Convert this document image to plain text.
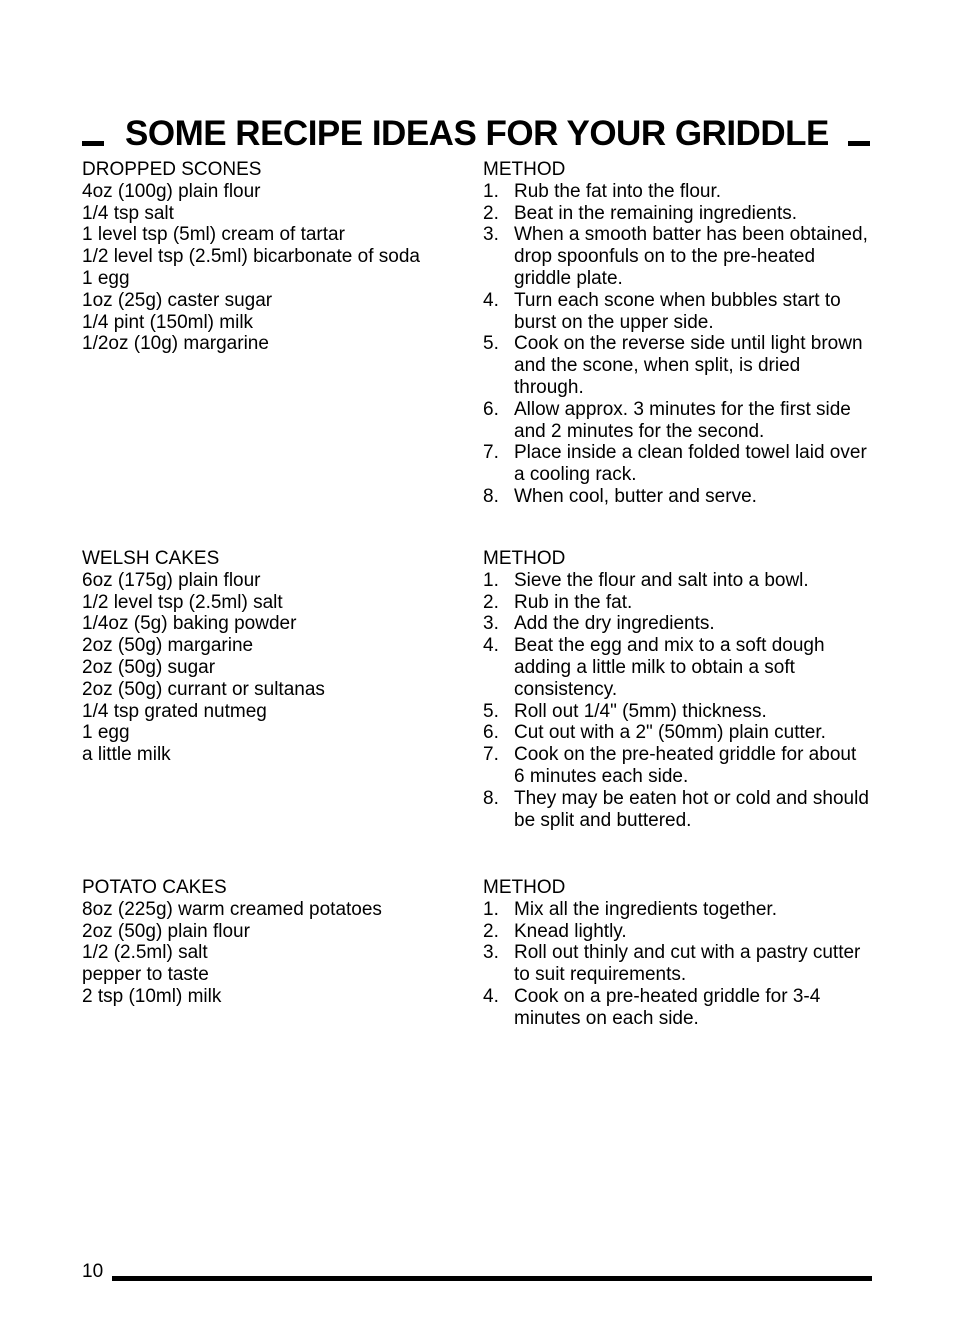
SOME RECIPE IDEAS FOR YOUR GRIDDLE
DROPPED SCONES
4oz (100g) plain flour
1/4 tsp salt
1 level tsp (5ml) cream of tartar
1/2 level tsp (2.5ml) bicarbonate of soda
1 egg
1oz (25g) caster sugar
1/4 pint (150ml) milk
1/2oz (10g) margarine
METHOD
1. Rub the fat into the flour.
2. Beat in the remaining ingredients.
3. When a smooth batter has been obtained, drop spoonfuls on to the pre-heated griddle plate.
4. Turn each scone when bubbles start to burst on the upper side.
5. Cook on the reverse side until light brown and the scone, when split, is dried through.
6. Allow approx. 3 minutes for the first side and 2 minutes for the second.
7. Place inside a clean folded towel laid over a cooling rack.
8. When cool, butter and serve.
WELSH CAKES
6oz (175g) plain flour
1/2 level tsp (2.5ml) salt
1/4oz (5g) baking powder
2oz (50g) margarine
2oz (50g) sugar
2oz (50g) currant or sultanas
1/4 tsp grated nutmeg
1 egg
a little milk
METHOD
1. Sieve the flour and salt into a bowl.
2. Rub in the fat.
3. Add the dry ingredients.
4. Beat the egg and mix to a soft dough adding a little milk to obtain a soft consistency.
5. Roll out 1/4" (5mm) thickness.
6. Cut out with a 2" (50mm) plain cutter.
7. Cook on the pre-heated griddle for about 6 minutes each side.
8. They may be eaten hot or cold and should be split and buttered.
POTATO CAKES
8oz (225g) warm creamed potatoes
2oz (50g) plain flour
1/2 (2.5ml) salt
pepper to taste
2 tsp (10ml) milk
METHOD
1. Mix all the ingredients together.
2. Knead lightly.
3. Roll out thinly and cut with a pastry cutter to suit requirements.
4. Cook on a pre-heated griddle for 3-4 minutes on each side.
10
